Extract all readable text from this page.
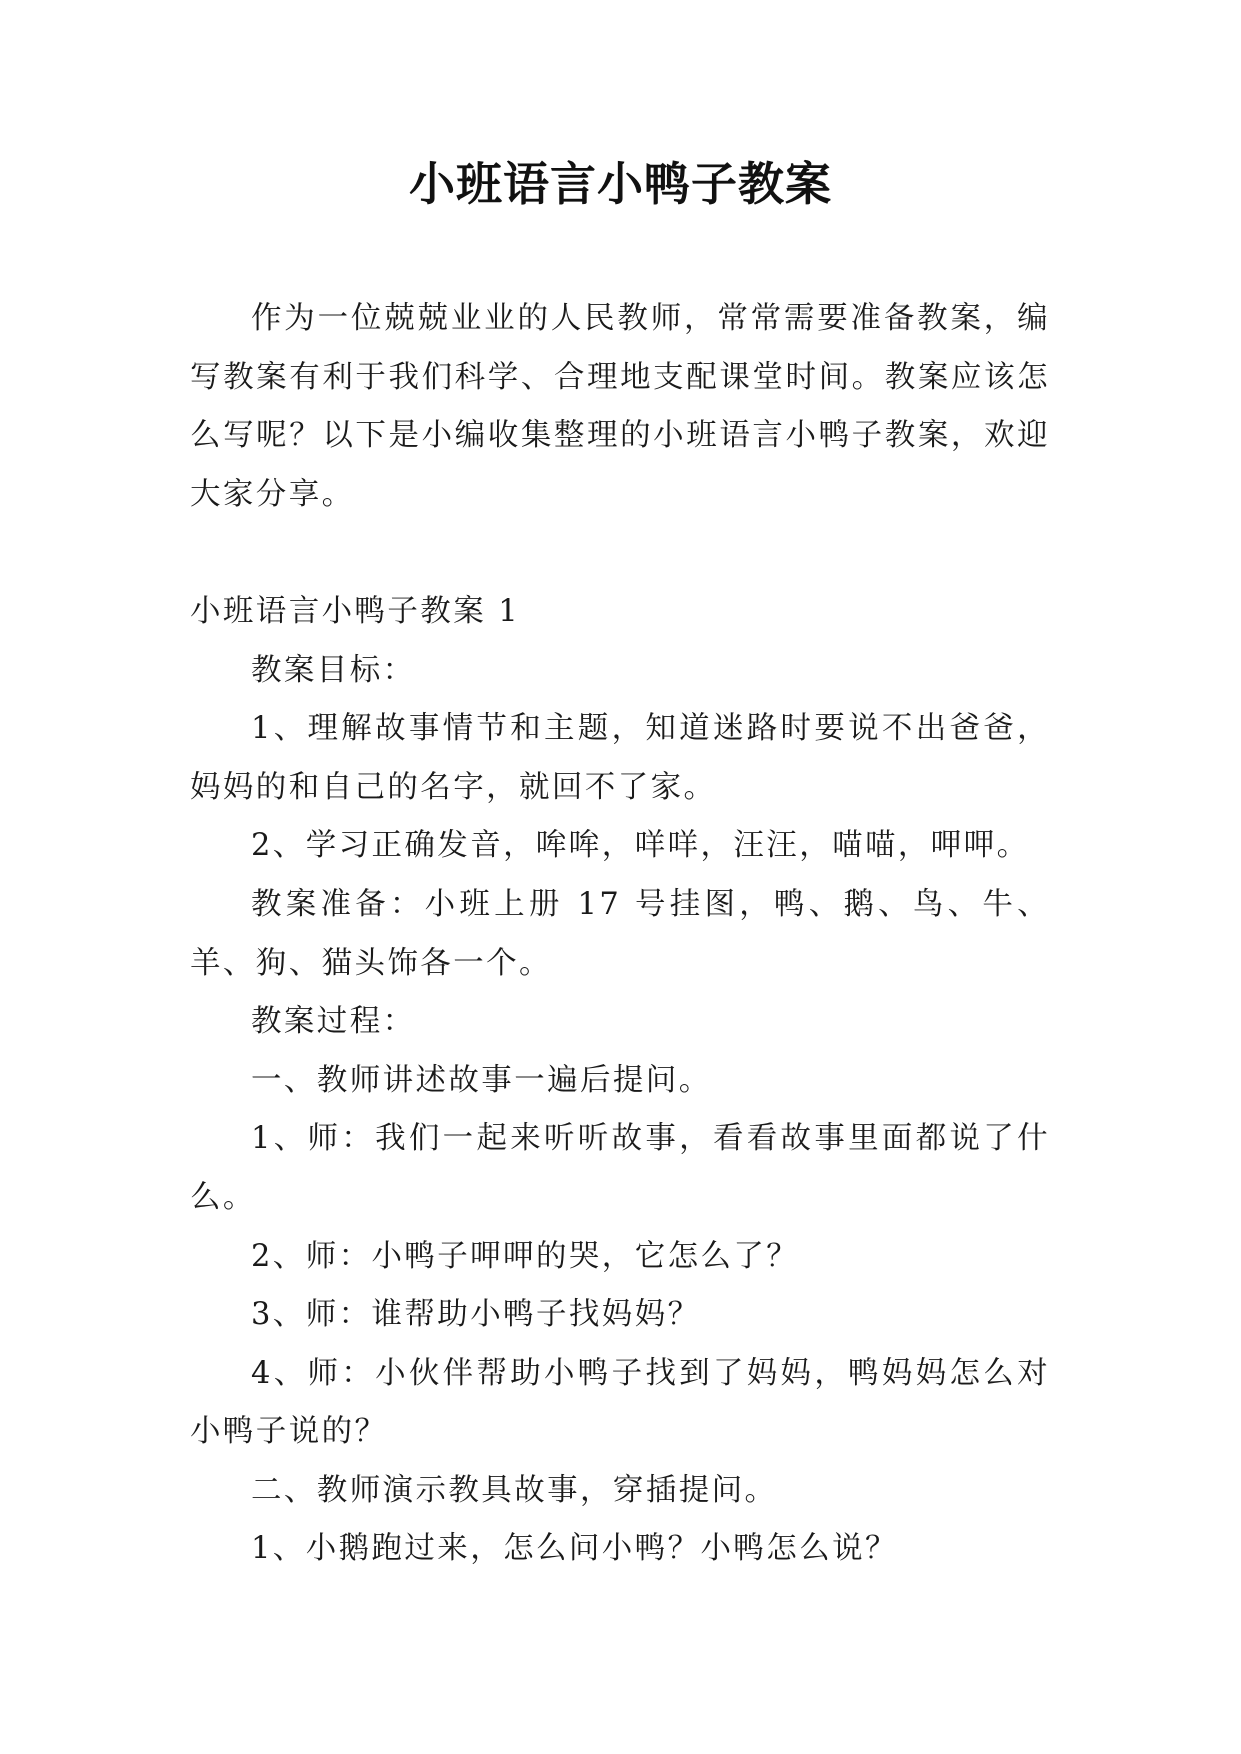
小班语言小鸭子教案

作为一位兢兢业业的人民教师，常常需要准备教案，编写教案有利于我们科学、合理地支配课堂时间。教案应该怎么写呢？以下是小编收集整理的小班语言小鸭子教案，欢迎大家分享。

小班语言小鸭子教案 1

教案目标：

1、理解故事情节和主题，知道迷路时要说不出爸爸，妈妈的和自己的名字，就回不了家。

2、学习正确发音，哞哞，咩咩，汪汪，喵喵，呷呷。

教案准备：小班上册 17 号挂图，鸭、鹅、鸟、牛、羊、狗、猫头饰各一个。

教案过程：

一、教师讲述故事一遍后提问。

1、师：我们一起来听听故事，看看故事里面都说了什么。

2、师：小鸭子呷呷的哭，它怎么了？

3、师：谁帮助小鸭子找妈妈？

4、师：小伙伴帮助小鸭子找到了妈妈，鸭妈妈怎么对小鸭子说的？

二、教师演示教具故事，穿插提问。

1、小鹅跑过来，怎么问小鸭？小鸭怎么说？
